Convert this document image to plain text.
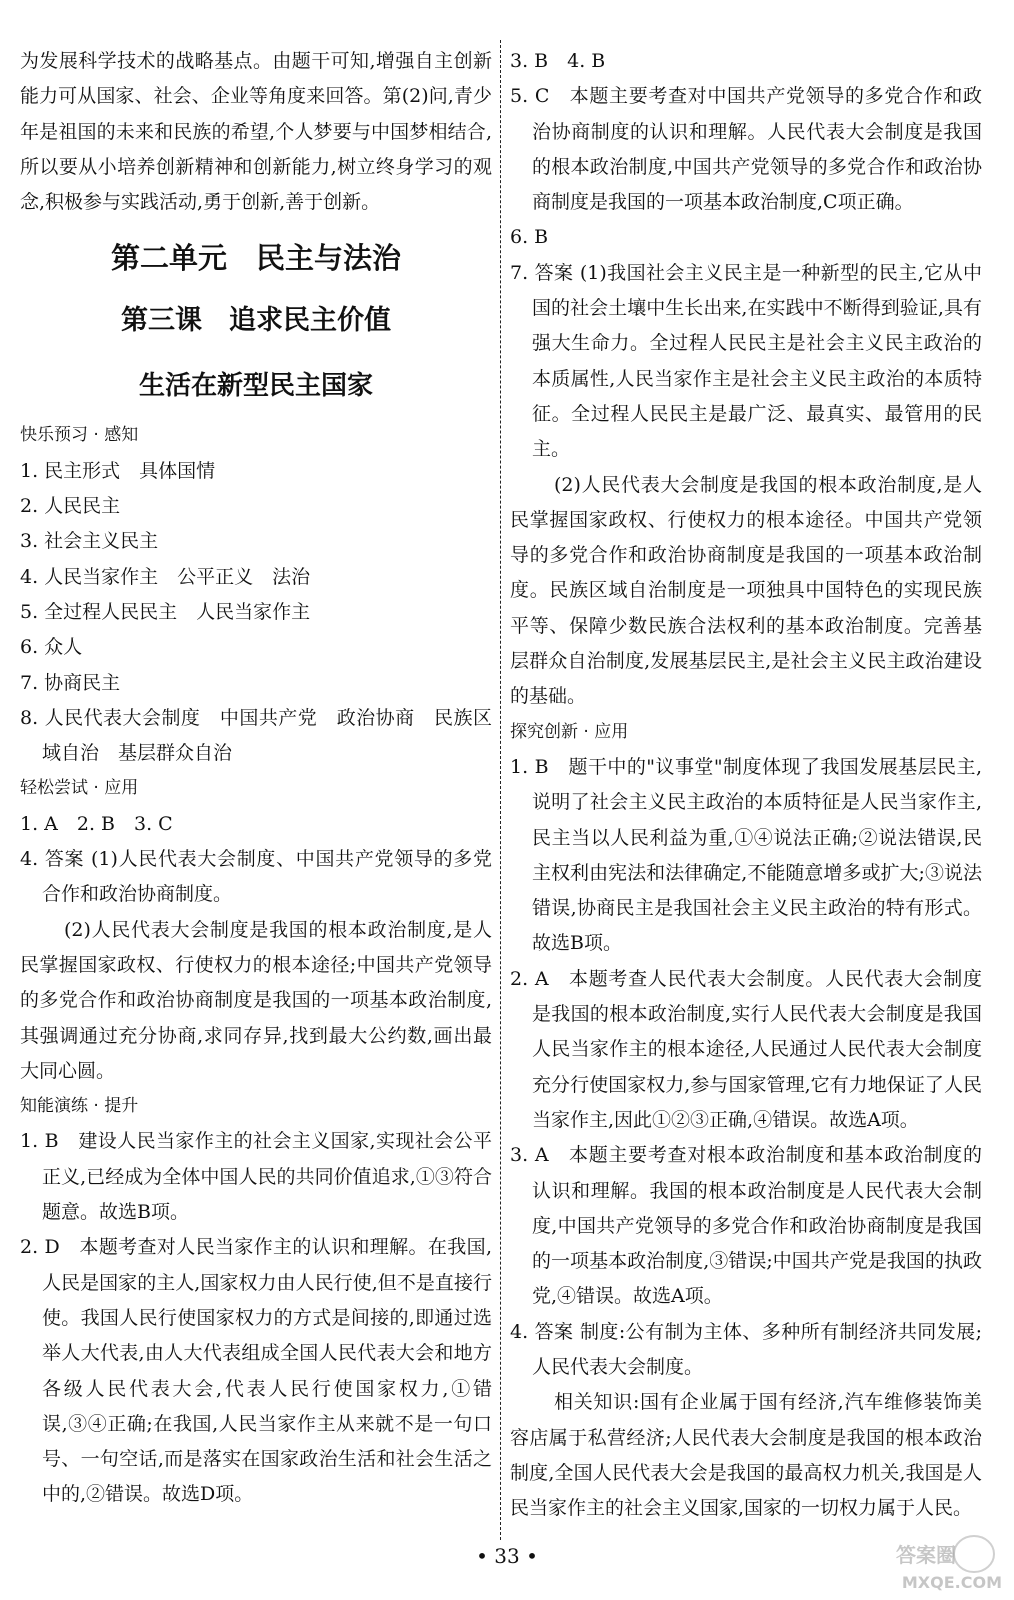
为发展科学技术的战略基点。由题干可知,增强自主创新能力可从国家、社会、企业等角度来回答。第(2)问,青少年是祖国的未来和民族的希望,个人梦要与中国梦相结合,所以要从小培养创新精神和创新能力,树立终身学习的观念,积极参与实践活动,勇于创新,善于创新。

第二单元　民主与法治
第三课　追求民主价值
生活在新型民主国家
快乐预习 · 感知

1. 民主形式　具体国情

2. 人民民主

3. 社会主义民主

4. 人民当家作主　公平正义　法治

5. 全过程人民民主　人民当家作主

6. 众人

7. 协商民主

8. 人民代表大会制度　中国共产党　政治协商　民族区域自治　基层群众自治

轻松尝试 · 应用

1. A　2. B　3. C

4. 答案 (1)人民代表大会制度、中国共产党领导的多党合作和政治协商制度。

(2)人民代表大会制度是我国的根本政治制度,是人民掌握国家政权、行使权力的根本途径;中国共产党领导的多党合作和政治协商制度是我国的一项基本政治制度,其强调通过充分协商,求同存异,找到最大公约数,画出最大同心圆。

知能演练 · 提升

1. B　建设人民当家作主的社会主义国家,实现社会公平正义,已经成为全体中国人民的共同价值追求,①③符合题意。故选B项。

2. D　本题考查对人民当家作主的认识和理解。在我国,人民是国家的主人,国家权力由人民行使,但不是直接行使。我国人民行使国家权力的方式是间接的,即通过选举人大代表,由人大代表组成全国人民代表大会和地方各级人民代表大会,代表人民行使国家权力,①错误,③④正确;在我国,人民当家作主从来就不是一句口号、一句空话,而是落实在国家政治生活和社会生活之中的,②错误。故选D项。

3. B　4. B

5. C　本题主要考查对中国共产党领导的多党合作和政治协商制度的认识和理解。人民代表大会制度是我国的根本政治制度,中国共产党领导的多党合作和政治协商制度是我国的一项基本政治制度,C项正确。

6. B

7. 答案 (1)我国社会主义民主是一种新型的民主,它从中国的社会土壤中生长出来,在实践中不断得到验证,具有强大生命力。全过程人民民主是社会主义民主政治的本质属性,人民当家作主是社会主义民主政治的本质特征。全过程人民民主是最广泛、最真实、最管用的民主。

(2)人民代表大会制度是我国的根本政治制度,是人民掌握国家政权、行使权力的根本途径。中国共产党领导的多党合作和政治协商制度是我国的一项基本政治制度。民族区域自治制度是一项独具中国特色的实现民族平等、保障少数民族合法权利的基本政治制度。完善基层群众自治制度,发展基层民主,是社会主义民主政治建设的基础。

探究创新 · 应用

1. B　题干中的"议事堂"制度体现了我国发展基层民主,说明了社会主义民主政治的本质特征是人民当家作主,民主当以人民利益为重,①④说法正确;②说法错误,民主权利由宪法和法律确定,不能随意增多或扩大;③说法错误,协商民主是我国社会主义民主政治的特有形式。故选B项。

2. A　本题考查人民代表大会制度。人民代表大会制度是我国的根本政治制度,实行人民代表大会制度是我国人民当家作主的根本途径,人民通过人民代表大会制度充分行使国家权力,参与国家管理,它有力地保证了人民当家作主,因此①②③正确,④错误。故选A项。

3. A　本题主要考查对根本政治制度和基本政治制度的认识和理解。我国的根本政治制度是人民代表大会制度,中国共产党领导的多党合作和政治协商制度是我国的一项基本政治制度,③错误;中国共产党是我国的执政党,④错误。故选A项。

4. 答案 制度:公有制为主体、多种所有制经济共同发展;人民代表大会制度。

相关知识:国有企业属于国有经济,汽车维修装饰美容店属于私营经济;人民代表大会制度是我国的根本政治制度,全国人民代表大会是我国的最高权力机关,我国是人民当家作主的社会主义国家,国家的一切权力属于人民。

• 33 •	答案圈
MXQE.COM
